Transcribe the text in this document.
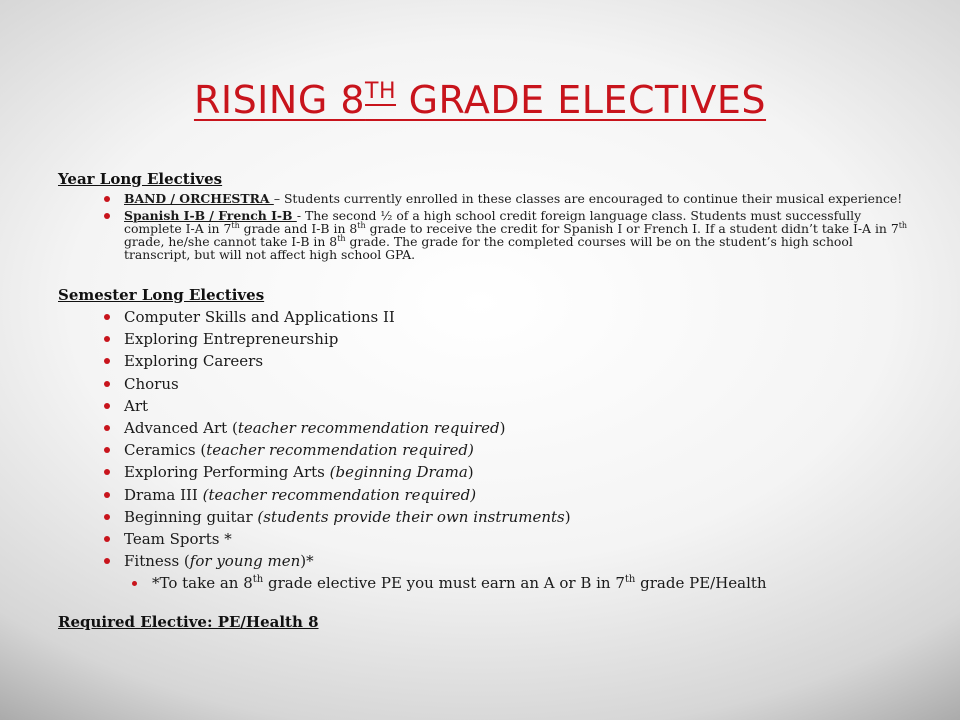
RISING 8TH GRADE ELECTIVES
Year Long Electives
BAND / ORCHESTRA – Students currently enrolled in these classes are encouraged to continue their musical experience!
Spanish I-B / French I-B - The second ½ of a high school credit foreign language class. Students must successfully complete I-A in 7th grade and I-B in 8th grade to receive the credit for Spanish I or French I. If a student didn’t take I-A in 7th grade, he/she cannot take I-B in 8th grade. The grade for the completed courses will be on the student’s high school transcript, but will not affect high school GPA.
Semester Long Electives
Computer Skills and Applications II
Exploring Entrepreneurship
Exploring Careers
Chorus
Art
Advanced Art (teacher recommendation required)
Ceramics (teacher recommendation required)
Exploring Performing Arts (beginning Drama)
Drama III (teacher recommendation required)
Beginning guitar (students provide their own instruments)
Team Sports *
Fitness (for young men)*
*To take an 8th grade elective PE you must earn an A or B in 7th grade PE/Health
Required Elective: PE/Health 8
